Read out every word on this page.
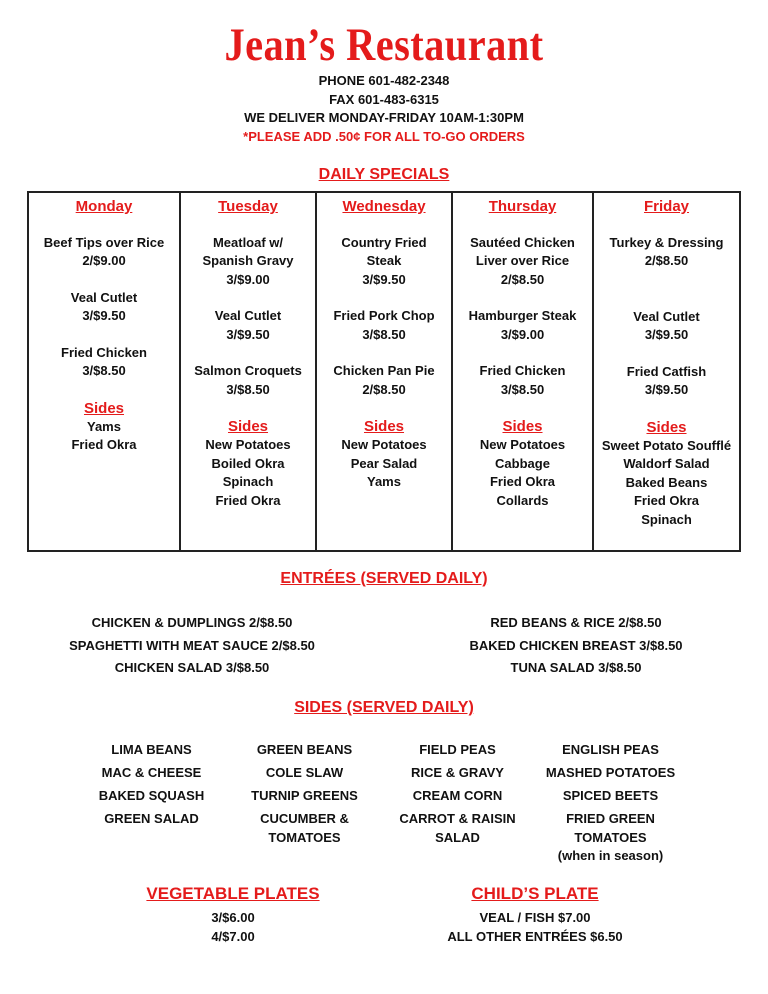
Jean’s Restaurant
PHONE 601-482-2348
FAX 601-483-6315
WE DELIVER MONDAY-FRIDAY 10AM-1:30PM
*PLEASE ADD .50¢ FOR ALL TO-GO ORDERS
DAILY SPECIALS
Monday
Beef Tips over Rice
2/$9.00
Veal Cutlet
3/$9.50
Fried Chicken
3/$8.50
Sides
Yams
Fried Okra
Tuesday
Meatloaf w/ Spanish Gravy
3/$9.00
Veal Cutlet
3/$9.50
Salmon Croquets
3/$8.50
Sides
New Potatoes
Boiled Okra
Spinach
Fried Okra
Wednesday
Country Fried Steak
3/$9.50
Fried Pork Chop
3/$8.50
Chicken Pan Pie
2/$8.50
Sides
New Potatoes
Pear Salad
Yams
Thursday
Sautéed Chicken Liver over Rice
2/$8.50
Hamburger Steak
3/$9.00
Fried Chicken
3/$8.50
Sides
New Potatoes
Cabbage
Fried Okra
Collards
Friday
Turkey & Dressing
2/$8.50
Veal Cutlet
3/$9.50
Fried Catfish
3/$9.50
Sides
Sweet Potato Soufflé
Waldorf Salad
Baked Beans
Fried Okra
Spinach
ENTRÉES (SERVED DAILY)
CHICKEN & DUMPLINGS 2/$8.50
SPAGHETTI WITH MEAT SAUCE 2/$8.50
CHICKEN SALAD 3/$8.50
RED BEANS & RICE 2/$8.50
BAKED CHICKEN BREAST 3/$8.50
TUNA SALAD 3/$8.50
SIDES (SERVED DAILY)
LIMA BEANS
MAC & CHEESE
BAKED SQUASH
GREEN SALAD
GREEN BEANS
COLE SLAW
TURNIP GREENS
CUCUMBER & TOMATOES
FIELD PEAS
RICE & GRAVY
CREAM CORN
CARROT & RAISIN SALAD
ENGLISH PEAS
MASHED POTATOES
SPICED BEETS
FRIED GREEN TOMATOES (when in season)
VEGETABLE PLATES
3/$6.00
4/$7.00
CHILD’S PLATE
VEAL / FISH $7.00
ALL OTHER ENTRÉES $6.50
